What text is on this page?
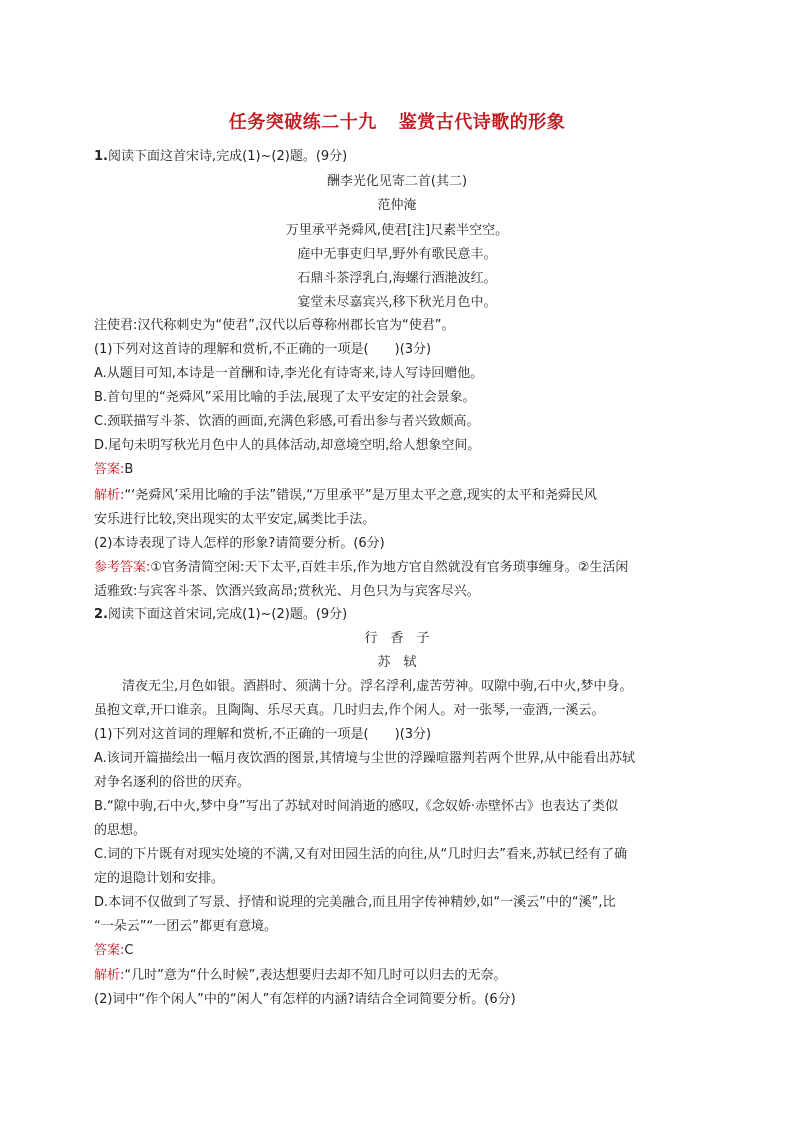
任务突破练二十九 鉴赏古代诗歌的形象
1.阅读下面这首宋诗,完成(1)~(2)题。(9分)
酬李光化见寄二首(其二)
范仲淹
万里承平尧舜风,使君[注]尺素半空空。
庭中无事吏归早,野外有歌民意丰。
石鼎斗茶浮乳白,海螺行酒滟波红。
宴堂未尽嘉宾兴,移下秋光月色中。
注使君:汉代称刺史为“使君”,汉代以后尊称州郡长官为“使君”。
(1)下列对这首诗的理解和赏析,不正确的一项是(　　)(3分)
A.从题目可知,本诗是一首酬和诗,李光化有诗寄来,诗人写诗回赠他。
B.首句里的“尧舜风”采用比喻的手法,展现了太平安定的社会景象。
C.颈联描写斗茶、饮酒的画面,充满色彩感,可看出参与者兴致颇高。
D.尾句未明写秋光月色中人的具体活动,却意境空明,给人想象空间。
答案:B
解析:“‘尧舜风’采用比喻的手法”错误,“万里承平”是万里太平之意,现实的太平和尧舜民风
安乐进行比较,突出现实的太平安定,属类比手法。
(2)本诗表现了诗人怎样的形象?请简要分析。(6分)
参考答案:①官务清简空闲:天下太平,百姓丰乐,作为地方官自然就没有官务琐事缠身。②生活闲
适雅致:与宾客斗茶、饮酒兴致高昂;赏秋光、月色只为与宾客尽兴。
2.阅读下面这首宋词,完成(1)~(2)题。(9分)
行　香　子
苏　轼
清夜无尘,月色如银。酒斟时、须满十分。浮名浮利,虚苦劳神。叹隙中驹,石中火,梦中身。
虽抱文章,开口谁亲。且陶陶、乐尽天真。几时归去,作个闲人。对一张琴,一壶酒,一溪云。
(1)下列对这首词的理解和赏析,不正确的一项是(　　)(3分)
A.该词开篇描绘出一幅月夜饮酒的图景,其情境与尘世的浮躁喧嚣判若两个世界,从中能看出苏轼
对争名逐利的俗世的厌弃。
B.“隙中驹,石中火,梦中身”写出了苏轼对时间消逝的感叹,《念奴娇·赤壁怀古》也表达了类似
的思想。
C.词的下片既有对现实处境的不满,又有对田园生活的向往,从“几时归去”看来,苏轼已经有了确
定的退隐计划和安排。
D.本词不仅做到了写景、抒情和说理的完美融合,而且用字传神精妙,如“一溪云”中的“溪”,比
“一朵云”“一团云”都更有意境。
答案:C
解析:“几时”意为“什么时候”,表达想要归去却不知几时可以归去的无奈。
(2)词中“作个闲人”中的“闲人”有怎样的内涵?请结合全词简要分析。(6分)
